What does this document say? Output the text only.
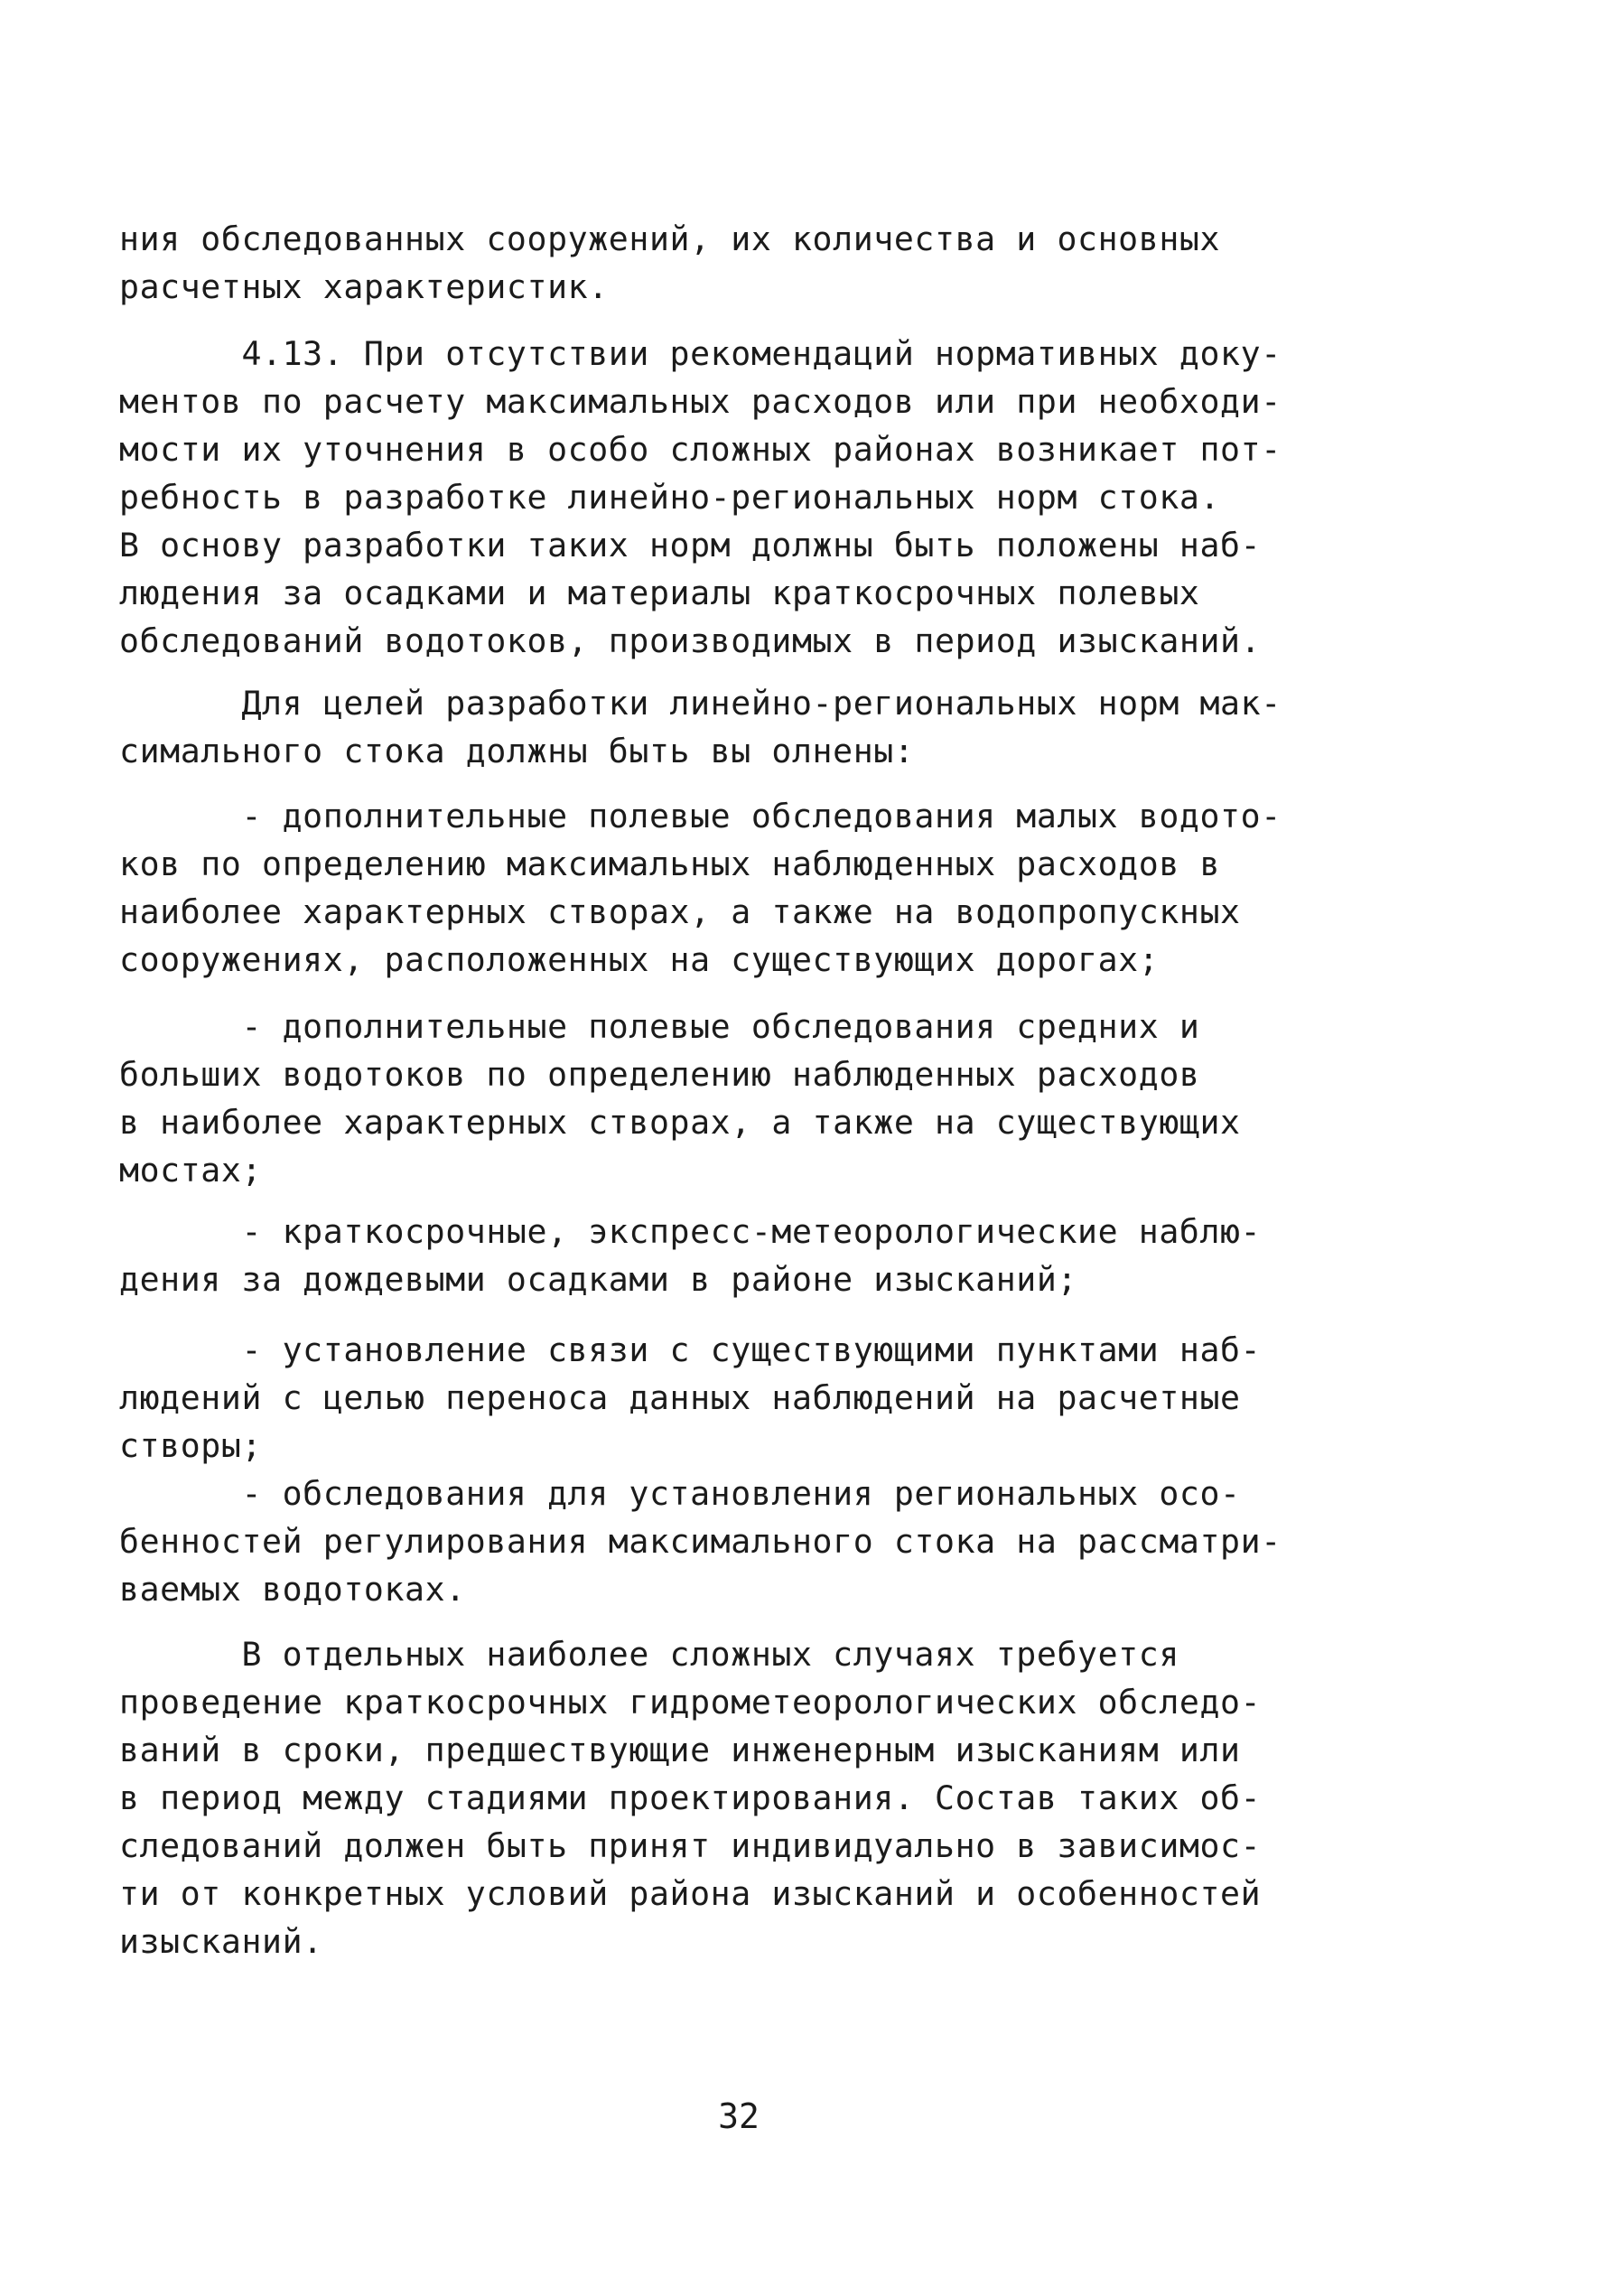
ния обследованных сооружений, их количества и основных
расчетных характеристик.

4.13. При отсутствии рекомендаций нормативных доку-
ментов по расчету максимальных расходов или при необходи-
мости их уточнения в особо сложных районах возникает пот-
ребность в разработке линейно-региональных норм стока.
В основу разработки таких норм должны быть положены наб-
людения за осадками и материалы краткосрочных полевых
обследований водотоков, производимых в период изысканий.

Для целей разработки линейно-региональных норм мак-
симального стока должны быть вы олнены:

- дополнительные полевые обследования малых водото-
ков по определению максимальных наблюденных расходов в
наиболее характерных створах, а также на водопропускных
сооружениях, расположенных на существующих дорогах;

- дополнительные полевые обследования средних и
больших водотоков по определению наблюденных расходов
в наиболее характерных створах, а также на существующих
мостах;

- краткосрочные, экспресс-метеорологические наблю-
дения за дождевыми осадками в районе изысканий;

- установление связи с существующими пунктами наб-
людений с целью переноса данных наблюдений на расчетные
створы;
- обследования для установления региональных осо-
бенностей регулирования максимального стока на рассматри-
ваемых водотоках.

В отдельных наиболее сложных случаях требуется
проведение краткосрочных гидрометеорологических обследо-
ваний в сроки, предшествующие инженерным изысканиям или
в период между стадиями проектирования. Состав таких об-
следований должен быть принят индивидуально в зависимос-
ти от конкретных условий района изысканий и особенностей
изысканий.

32
